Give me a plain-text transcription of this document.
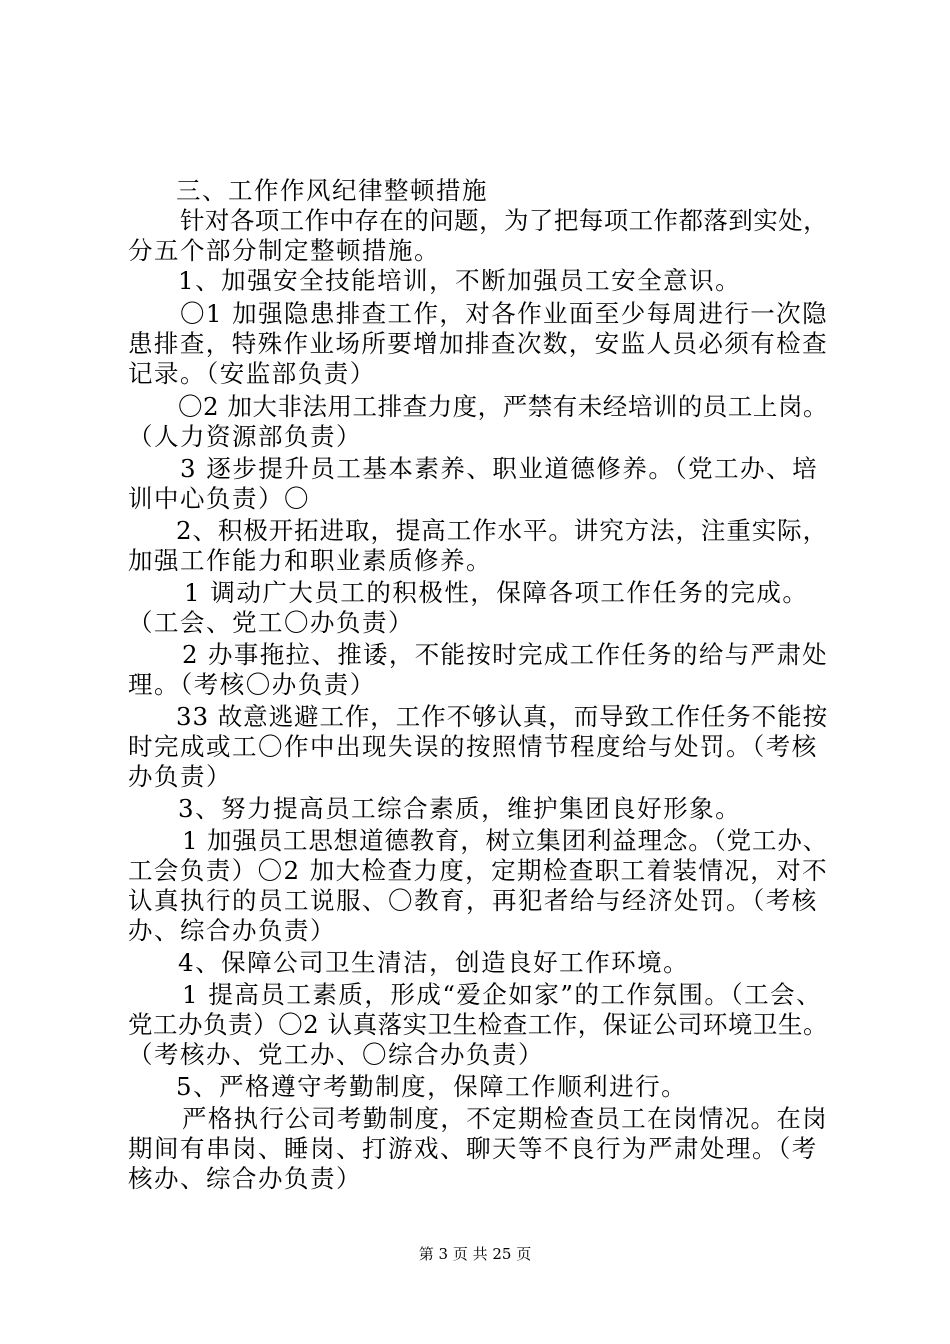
三、工作作风纪律整顿措施
针对各项工作中存在的问题，为了把每项工作都落到实处，
分五个部分制定整顿措施。
1、加强安全技能培训，不断加强员工安全意识。
〇1 加强隐患排查工作，对各作业面至少每周进行一次隐
患排查，特殊作业场所要增加排查次数，安监人员必须有检查
记录。（安监部负责）
〇2 加大非法用工排查力度，严禁有未经培训的员工上岗。
（人力资源部负责）
3 逐步提升员工基本素养、职业道德修养。（党工办、培
训中心负责）〇
2、积极开拓进取，提高工作水平。讲究方法，注重实际，
加强工作能力和职业素质修养。
1 调动广大员工的积极性，保障各项工作任务的完成。
（工会、党工〇办负责）
2 办事拖拉、推诿，不能按时完成工作任务的给与严肃处
理。（考核〇办负责）
33 故意逃避工作，工作不够认真，而导致工作任务不能按
时完成或工〇作中出现失误的按照情节程度给与处罚。（考核
办负责）
3、努力提高员工综合素质，维护集团良好形象。
1 加强员工思想道德教育，树立集团利益理念。（党工办、
工会负责）〇2 加大检查力度，定期检查职工着装情况，对不
认真执行的员工说服、〇教育，再犯者给与经济处罚。（考核
办、综合办负责）
4、保障公司卫生清洁，创造良好工作环境。
1 提高员工素质，形成“爱企如家”的工作氛围。（工会、
党工办负责）〇2 认真落实卫生检查工作，保证公司环境卫生。
（考核办、党工办、〇综合办负责）
5、严格遵守考勤制度，保障工作顺利进行。
严格执行公司考勤制度，不定期检查员工在岗情况。在岗
期间有串岗、睡岗、打游戏、聊天等不良行为严肃处理。（考
核办、综合办负责）
第 3 页 共 25 页
